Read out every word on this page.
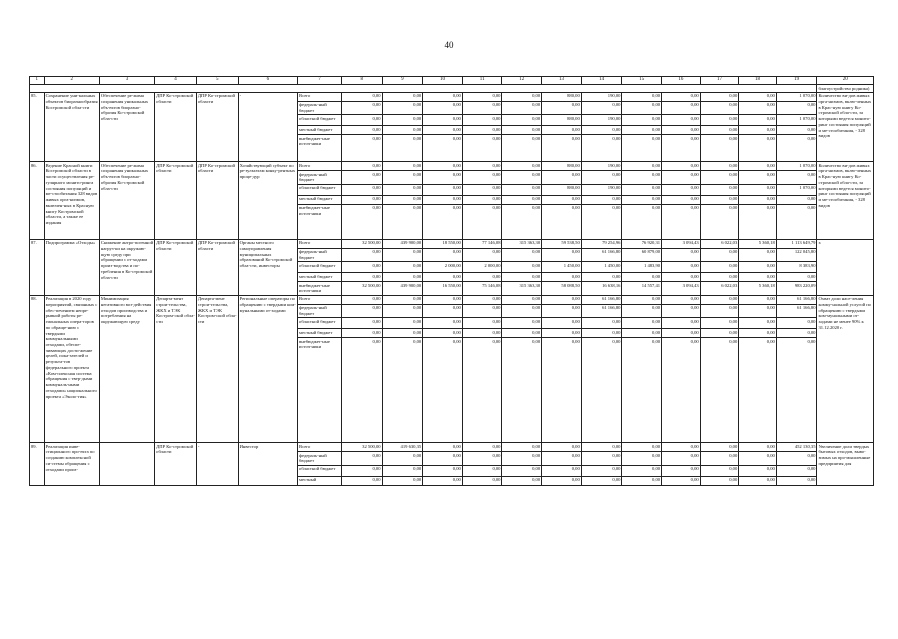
40
1	2	3	4	5	6	7	8	9	10	11	12	13	14	15	16	17	18	19	20
																			благоустройство родника)
85.	Сохранение уни-кальных объектов биоразнообразия Костромской обла-сти	Обеспечение ре-жима сохранения уникальных объ-ектов биоразно-образия Ко-стромской обла-сти	ДПР Ко-стромской области	ДПР Ко-стромской области	-	Всего	0,00	0,00	0,00	0,00	0,00	880,00	190,00	0,00	0,00	0,00	0,00	1 070,00	Количество ви-дов живых орга-низмов, вклю-ченных в Крас-ную книгу Ко-стромской обла-сти, за которыми ведется монито-ринг состояния популяций и ме-стообитания, - 328 видов
						федераль-ный бюджет	0,00	0,00	0,00	0,00	0,00	0,00	0,00	0,00	0,00	0,00	0,00	0,00	
						областной бюджет	0,00	0,00	0,00	0,00	0,00	880,00	190,00	0,00	0,00	0,00	0,00	1 070,00	
						местный бюджет	0,00	0,00	0,00	0,00	0,00	0,00	0,00	0,00	0,00	0,00	0,00	0,00	
						внебюджет-ные источ-ники	0,00	0,00	0,00	0,00	0,00	0,00	0,00	0,00	0,00	0,00	0,00	0,00	
86.	Ведение Красной книги Костромской области в части осуществления ре-гулярного монито-ринга состояния популяций и ме-стообитания 328 видов живых орга-низмов, включен-ных в Красную книгу Костромской области, а также ее издания	Обеспечение ре-жима сохранения уникальных объ-ектов биоразно-образия Ко-стромской обла-сти	ДПР Ко-стромской области	ДПР Ко-стромской области	Хозяйствующий субъект по ре-зультатам конку-рентных проце-дур	Всего	0,00	0,00	0,00	0,00	0,00	880,00	190,00	0,00	0,00	0,00	0,00	1 070,00	Количество ви-дов живых орга-низмов, вклю-ченных в Крас-ную книгу Ко-стромской обла-сти, за которыми ведется монито-ринг состояния популяций и ме-стообитания, - 328 видов
						федераль-ный бюджет	0,00	0,00	0,00	0,00	0,00	0,00	0,00	0,00	0,00	0,00	0,00	0,00	
						областной бюджет	0,00	0,00	0,00	0,00	0,00	880,00	190,00	0,00	0,00	0,00	0,00	1 070,00	
						местный бюджет	0,00	0,00	0,00	0,00	0,00	0,00	0,00	0,00	0,00	0,00	0,00	0,00	
						внебюджет-ные источ-ники	0,00	0,00	0,00	0,00	0,00	0,00	0,00	0,00	0,00	0,00	0,00	0,00	
87.	Подпрограмма «Отходы»	Снижение антро-погенной нагруз-ки на окружаю-щую среду при обращении с от-ходами произ-водства и по-требления в Ко-стромской обла-сти	ДПР Ко-стромской области	ДПР Ко-стромской области	Органы местного самоуправления муниципальных образований Ко-стромской обла-сти, инвесторы	Всего	32 500,00	439 900,00	18 550,00	77 146,08	315 363,30	59 538,50	79 254,96	76 920,31	3 094,43	6 022,03	5 360,18	1 113 649,79	х
						федераль-ный бюджет	0,00	0,00	0,00	0,00	0,00	0,00	61 166,80	60 879,00	0,00	0,00	0,00	122 045,80	
						областной бюджет	0,00	0,00	2 000,00	2 000,00	0,00	1 450,00	1 450,00	1 483,90	0,00	0,00	0,00	8 383,90	
						местный бюджет	0,00	0,00	0,00	0,00	0,00	0,00	0,00	0,00	0,00	0,00	0,00	0,00	
						внебюджет-ные источ-ники	32 500,00	439 900,00	16 550,00	75 146,08	315 363,30	58 088,50	16 638,16	14 557,41	3 094,43	6 022,03	5 360,18	983 220,09	
88.	Реализация в 2020 году мероприятий, связанных с обес-печением непре-рывной работы ре-гиональных опера-торов по обраще-нию с твердыми коммунальными отходами, обеспе-чивающих дости-жение целей, пока-зателей и результа-тов федерального проекта «Ком-плексная система обращения с твер-дыми коммуналь-ными отходами» национального проекта «Эколо-гия»	Минимизация негативного воз-действия отходов производства и потребления на окружающую среду	Департа-мент строи-тельства, ЖКХ и ТЭК Костром-ской обла-сти	Департа-мент строи-тельства, ЖКХ и ТЭК Костром-ской обла-сти	Региональные операторы по обращению с твердыми ком-мунальными от-ходами	Всего	0,00	0,00	0,00	0,00	0,00	0,00	61 166,80	0,00	0,00	0,00	0,00	61 166,80	Охват доли насе-ления комму-нальной услугой по обращению с твердыми ком-мунальными от-ходами не менее 90% к 31.12.2020 г.
						федераль-ный бюджет	0,00	0,00	0,00	0,00	0,00	0,00	61 166,80	0,00	0,00	0,00	0,00	61 166,80	
						областной бюджет	0,00	0,00	0,00	0,00	0,00	0,00	0,00	0,00	0,00	0,00	0,00	0,00	
						местный бюджет	0,00	0,00	0,00	0,00	0,00	0,00	0,00	0,00	0,00	0,00	0,00	0,00	
						внебюджет-ные источ-ники	0,00	0,00	0,00	0,00	0,00	0,00	0,00	0,00	0,00	0,00	0,00	0,00	
89.	Реализация инве-стиционного про-екта по созданию комплексной си-стемы обращения с отходами произ-		ДПР Ко-стромской области	-	Инвестор	Всего	32 500,00	419 630,35	0,00	0,00	0,00	0,00	0,00	0,00	0,00	0,00	0,00	452 130,35	Увеличение доли твердых бытовых отходов, выво-зимых на про-мышленные предприятия для
						федераль-ный бюджет	0,00	0,00	0,00	0,00	0,00	0,00	0,00	0,00	0,00	0,00	0,00	0,00	
						областной бюджет	0,00	0,00	0,00	0,00	0,00	0,00	0,00	0,00	0,00	0,00	0,00	0,00	
						местный	0,00	0,00	0,00	0,00	0,00	0,00	0,00	0,00	0,00	0,00	0,00	0,00	
